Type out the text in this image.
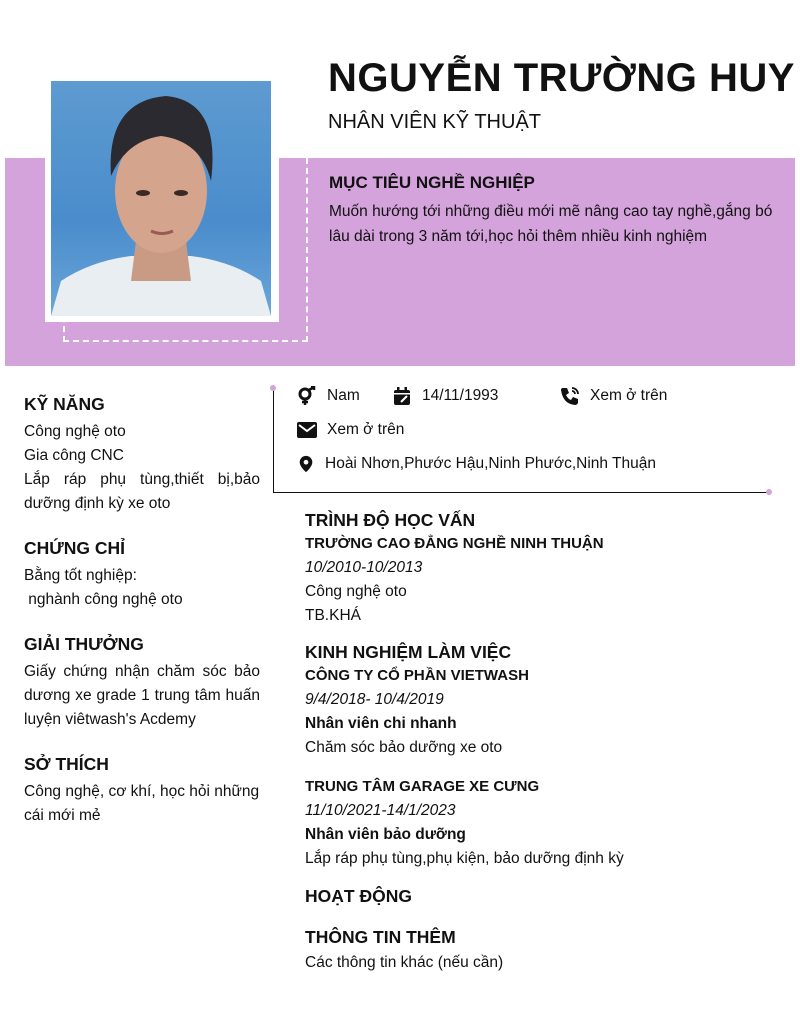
NGUYỄN TRƯỜNG HUY
NHÂN VIÊN KỸ THUẬT
MỤC TIÊU NGHỀ NGHIỆP
Muốn hướng tới những điều mới mẽ nâng cao tay nghề,gắng bó lâu dài trong 3 năm tới,học hỏi thêm nhiều kinh nghiệm
KỸ NĂNG
Công nghệ oto
Gia công CNC
Lắp ráp phụ tùng,thiết bị,bảo dưỡng định kỳ xe oto
CHỨNG CHỈ
Bằng tốt nghiệp:
nghành công nghệ oto
GIẢI THƯỞNG
Giấy chứng nhận chăm sóc bảo dương xe grade 1 trung tâm huấn luyện viêtwash's Acdemy
SỞ THÍCH
Công nghệ, cơ khí, học hỏi những cái mới mẻ
Nam	14/11/1993	Xem ở trên
Xem ở trên
Hoài Nhơn,Phước Hậu,Ninh Phước,Ninh Thuận
TRÌNH ĐỘ HỌC VẤN
TRƯỜNG CAO ĐẲNG NGHỀ NINH THUẬN
10/2010-10/2013
Công nghệ oto
TB.KHÁ
KINH NGHIỆM LÀM VIỆC
CÔNG TY CỔ PHẦN VIETWASH
9/4/2018- 10/4/2019
Nhân viên chi nhanh
Chăm sóc bảo dưỡng xe oto
TRUNG TÂM GARAGE XE CƯNG
11/10/2021-14/1/2023
Nhân viên bảo dưỡng
Lắp ráp phụ tùng,phụ kiện, bảo dưỡng định kỳ
HOẠT ĐỘNG
THÔNG TIN THÊM
Các thông tin khác (nếu cần)
